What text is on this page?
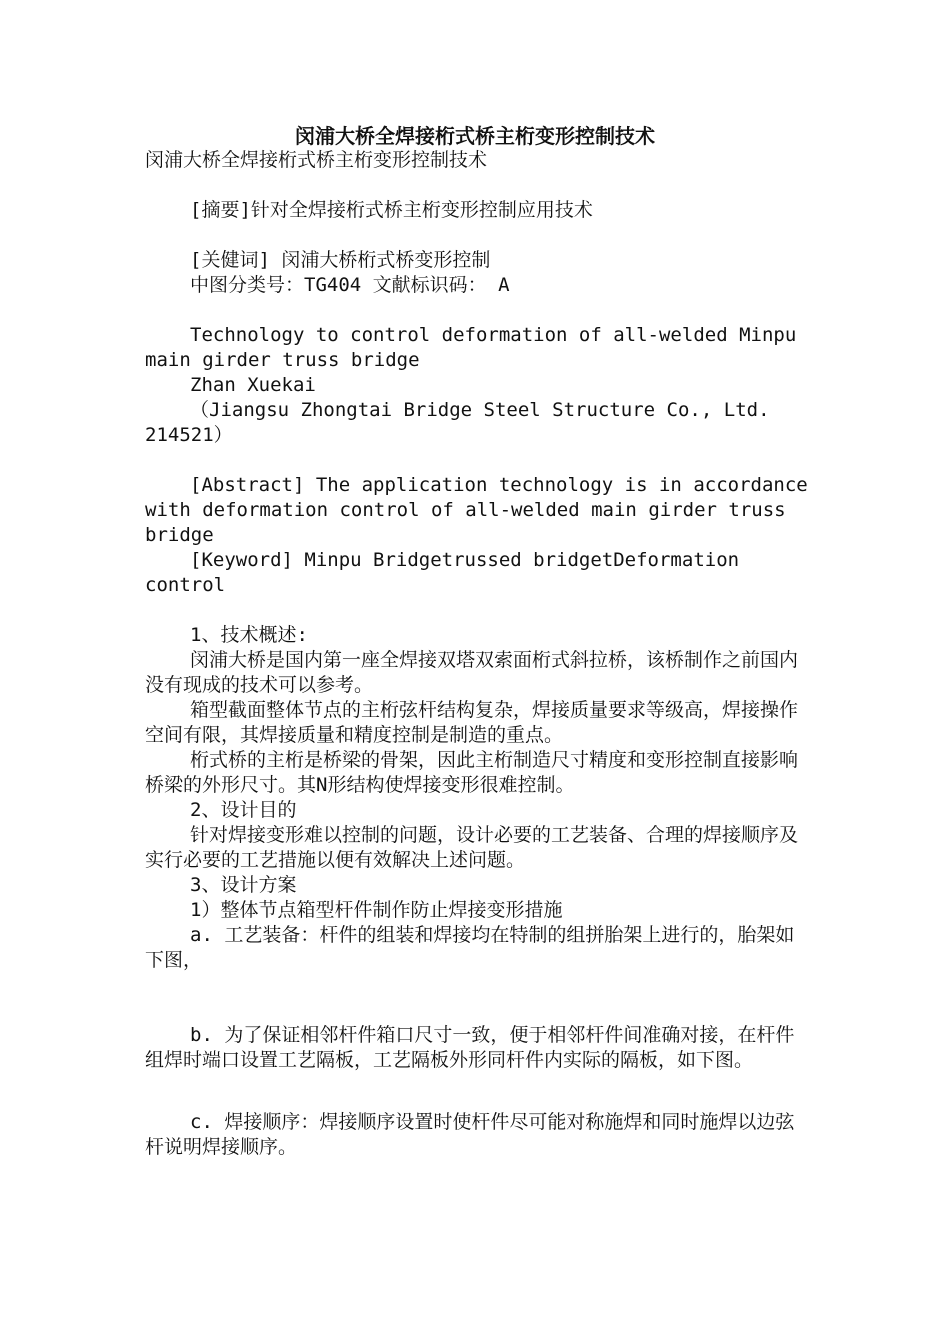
闵浦大桥全焊接桁式桥主桁变形控制技术

闵浦大桥全焊接桁式桥主桁变形控制技术

[摘要]针对全焊接桁式桥主桁变形控制应用技术

[关健词] 闵浦大桥桁式桥变形控制

中图分类号：TG404 文献标识码： A

Technology to control deformation of all-welded Minpu main girder truss bridge

Zhan Xuekai

（Jiangsu Zhongtai Bridge Steel Structure Co., Ltd. 214521）

[Abstract] The application technology is in accordance with deformation control of all-welded main girder truss bridge

[Keyword] Minpu Bridgetrussed bridgetDeformation control

1、技术概述:

闵浦大桥是国内第一座全焊接双塔双索面桁式斜拉桥，该桥制作之前国内没有现成的技术可以参考。

箱型截面整体节点的主桁弦杆结构复杂，焊接质量要求等级高，焊接操作空间有限，其焊接质量和精度控制是制造的重点。

桁式桥的主桁是桥梁的骨架，因此主桁制造尺寸精度和变形控制直接影响桥梁的外形尺寸。其N形结构使焊接变形很难控制。

2、设计目的

针对焊接变形难以控制的问题，设计必要的工艺装备、合理的焊接顺序及实行必要的工艺措施以便有效解决上述问题。

3、设计方案

1）整体节点箱型杆件制作防止焊接变形措施

a. 工艺装备：杆件的组装和焊接均在特制的组拼胎架上进行的，胎架如下图，

b. 为了保证相邻杆件箱口尺寸一致，便于相邻杆件间准确对接，在杆件组焊时端口设置工艺隔板，工艺隔板外形同杆件内实际的隔板，如下图。

c. 焊接顺序：焊接顺序设置时使杆件尽可能对称施焊和同时施焊以边弦杆说明焊接顺序。
